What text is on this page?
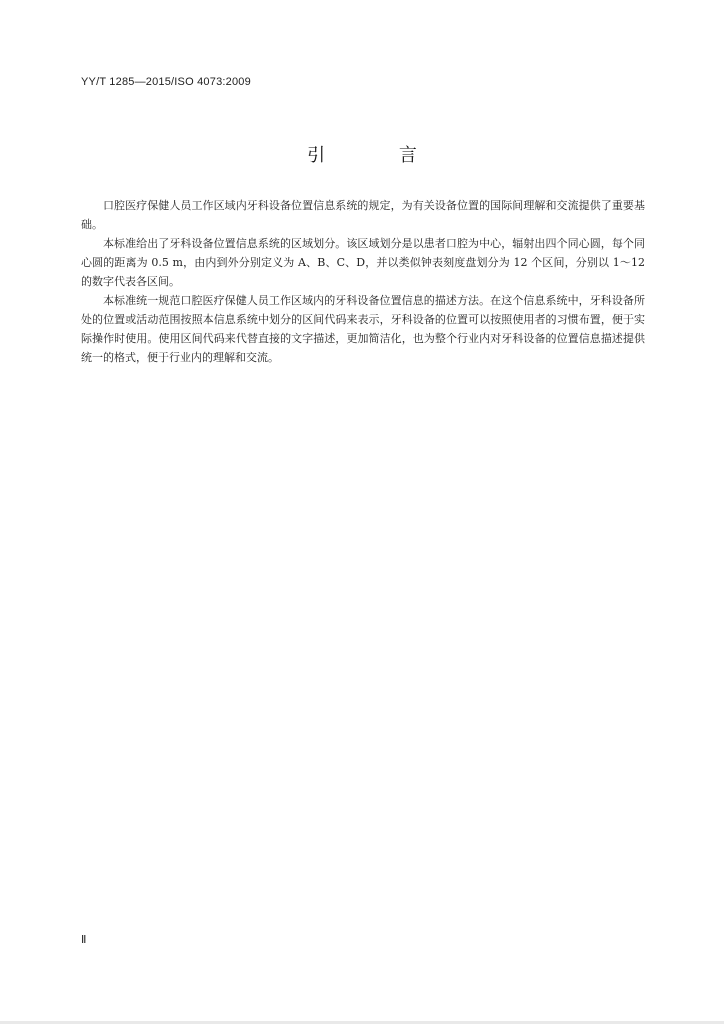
YY/T 1285—2015/ISO 4073:2009
引 言

口腔医疗保健人员工作区域内牙科设备位置信息系统的规定，为有关设备位置的国际间理解和交流提供了重要基础。

本标准给出了牙科设备位置信息系统的区域划分。该区域划分是以患者口腔为中心，辐射出四个同心圆，每个同心圆的距离为 0.5 m，由内到外分别定义为 A、B、C、D，并以类似钟表刻度盘划分为 12 个区间，分别以 1～12 的数字代表各区间。

本标准统一规范口腔医疗保健人员工作区域内的牙科设备位置信息的描述方法。在这个信息系统中，牙科设备所处的位置或活动范围按照本信息系统中划分的区间代码来表示，牙科设备的位置可以按照使用者的习惯布置，便于实际操作时使用。使用区间代码来代替直接的文字描述，更加简洁化，也为整个行业内对牙科设备的位置信息描述提供统一的格式，便于行业内的理解和交流。

Ⅱ
